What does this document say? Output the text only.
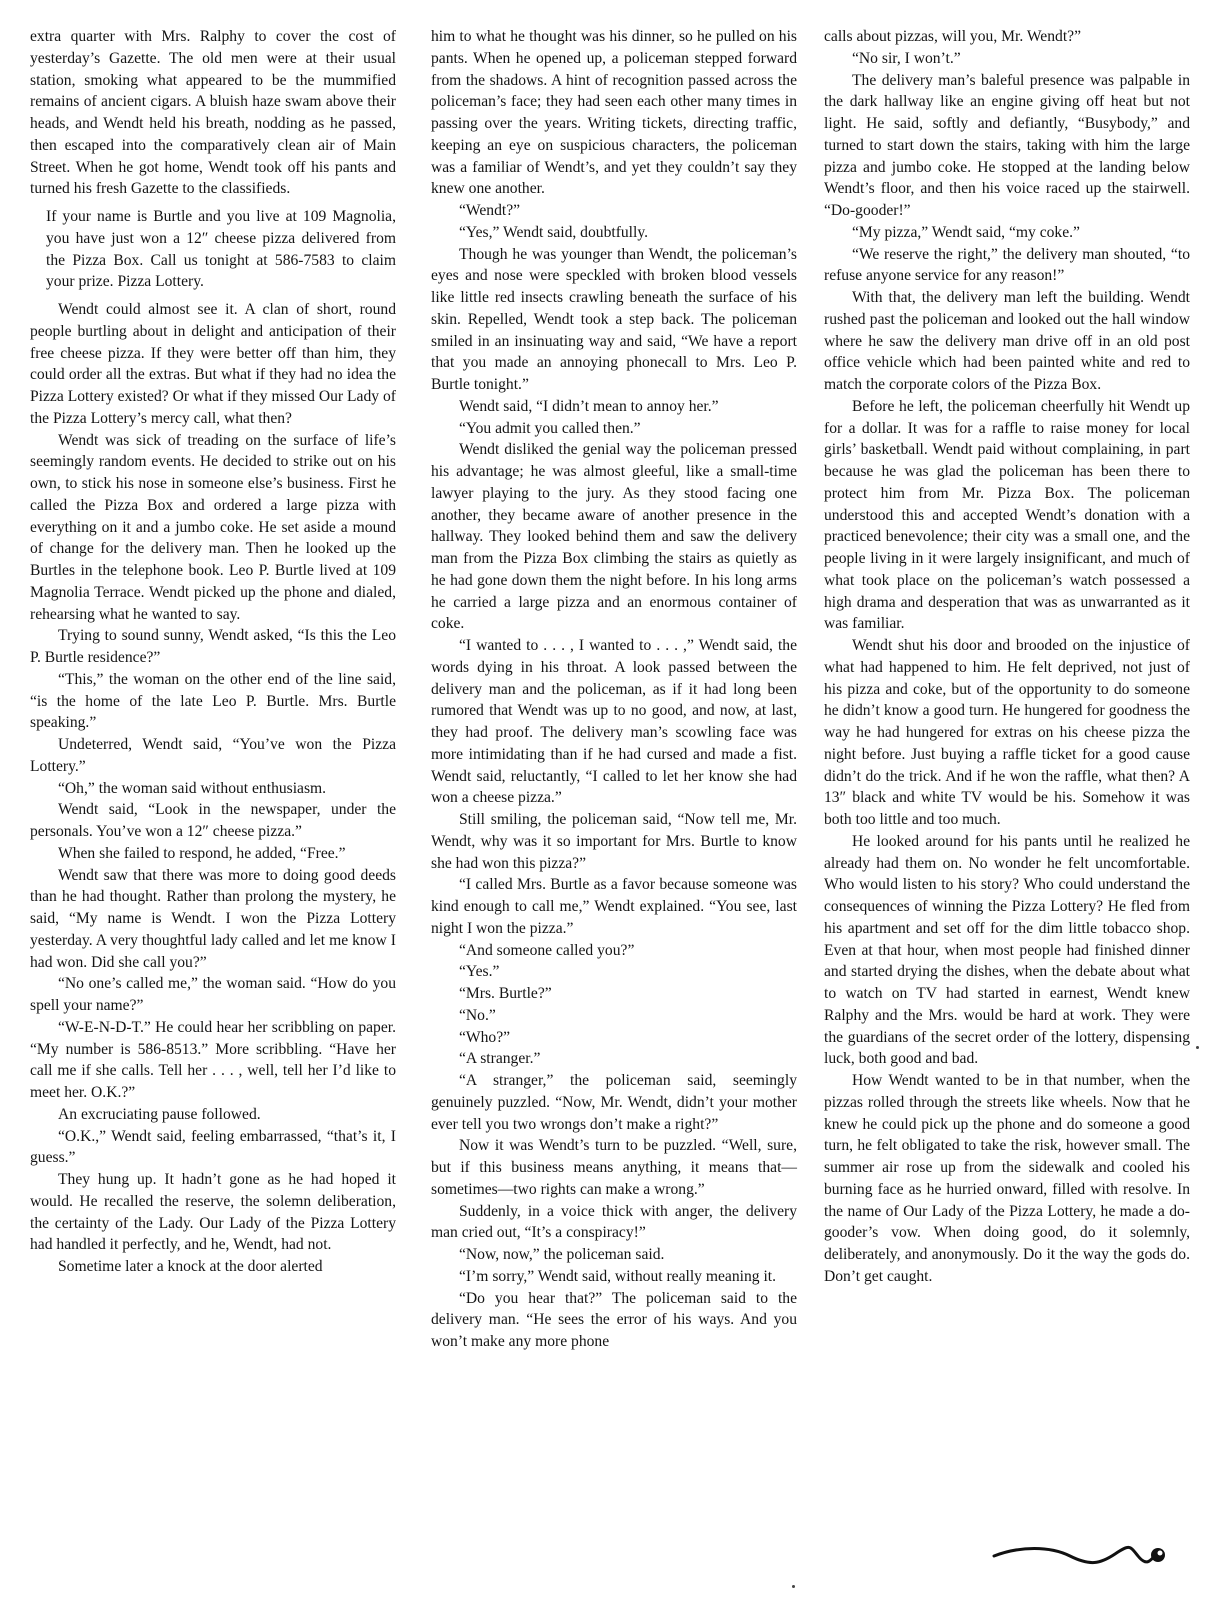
extra quarter with Mrs. Ralphy to cover the cost of yesterday’s Gazette. The old men were at their usual station, smoking what appeared to be the mummified remains of ancient cigars. A bluish haze swam above their heads, and Wendt held his breath, nodding as he passed, then escaped into the comparatively clean air of Main Street. When he got home, Wendt took off his pants and turned his fresh Gazette to the classifieds.

If your name is Burtle and you live at 109 Magnolia, you have just won a 12″ cheese pizza delivered from the Pizza Box. Call us tonight at 586-7583 to claim your prize. Pizza Lottery.

Wendt could almost see it. A clan of short, round people burtling about in delight and anticipation of their free cheese pizza. If they were better off than him, they could order all the extras. But what if they had no idea the Pizza Lottery existed? Or what if they missed Our Lady of the Pizza Lottery’s mercy call, what then?

Wendt was sick of treading on the surface of life’s seemingly random events. He decided to strike out on his own, to stick his nose in someone else’s business. First he called the Pizza Box and ordered a large pizza with everything on it and a jumbo coke. He set aside a mound of change for the delivery man. Then he looked up the Burtles in the telephone book. Leo P. Burtle lived at 109 Magnolia Terrace. Wendt picked up the phone and dialed, rehearsing what he wanted to say.

Trying to sound sunny, Wendt asked, “Is this the Leo P. Burtle residence?”

“This,” the woman on the other end of the line said, “is the home of the late Leo P. Burtle. Mrs. Burtle speaking.”

Undeterred, Wendt said, “You’ve won the Pizza Lottery.”

“Oh,” the woman said without enthusiasm.

Wendt said, “Look in the newspaper, under the personals. You’ve won a 12″ cheese pizza.”

When she failed to respond, he added, “Free.”

Wendt saw that there was more to doing good deeds than he had thought. Rather than prolong the mystery, he said, “My name is Wendt. I won the Pizza Lottery yesterday. A very thoughtful lady called and let me know I had won. Did she call you?”

“No one’s called me,” the woman said. “How do you spell your name?”

“W-E-N-D-T.” He could hear her scribbling on paper. “My number is 586-8513.” More scribbling. “Have her call me if she calls. Tell her . . . , well, tell her I’d like to meet her. O.K.?”

An excruciating pause followed.

“O.K.,” Wendt said, feeling embarrassed, “that’s it, I guess.”

They hung up. It hadn’t gone as he had hoped it would. He recalled the reserve, the solemn deliberation, the certainty of the Lady. Our Lady of the Pizza Lottery had handled it perfectly, and he, Wendt, had not.

Sometime later a knock at the door alerted

him to what he thought was his dinner, so he pulled on his pants. When he opened up, a policeman stepped forward from the shadows. A hint of recognition passed across the policeman’s face; they had seen each other many times in passing over the years. Writing tickets, directing traffic, keeping an eye on suspicious characters, the policeman was a familiar of Wendt’s, and yet they couldn’t say they knew one another.

“Wendt?”

“Yes,” Wendt said, doubtfully.

Though he was younger than Wendt, the policeman’s eyes and nose were speckled with broken blood vessels like little red insects crawling beneath the surface of his skin. Repelled, Wendt took a step back. The policeman smiled in an insinuating way and said, “We have a report that you made an annoying phonecall to Mrs. Leo P. Burtle tonight.”

Wendt said, “I didn’t mean to annoy her.”

“You admit you called then.”

Wendt disliked the genial way the policeman pressed his advantage; he was almost gleeful, like a small-time lawyer playing to the jury. As they stood facing one another, they became aware of another presence in the hallway. They looked behind them and saw the delivery man from the Pizza Box climbing the stairs as quietly as he had gone down them the night before. In his long arms he carried a large pizza and an enormous container of coke.

“I wanted to . . . , I wanted to . . . ,” Wendt said, the words dying in his throat. A look passed between the delivery man and the policeman, as if it had long been rumored that Wendt was up to no good, and now, at last, they had proof. The delivery man’s scowling face was more intimidating than if he had cursed and made a fist. Wendt said, reluctantly, “I called to let her know she had won a cheese pizza.”

Still smiling, the policeman said, “Now tell me, Mr. Wendt, why was it so important for Mrs. Burtle to know she had won this pizza?”

“I called Mrs. Burtle as a favor because someone was kind enough to call me,” Wendt explained. “You see, last night I won the pizza.”

“And someone called you?”

“Yes.”

“Mrs. Burtle?”

“No.”

“Who?”

“A stranger.”

“A stranger,” the policeman said, seemingly genuinely puzzled. “Now, Mr. Wendt, didn’t your mother ever tell you two wrongs don’t make a right?”

Now it was Wendt’s turn to be puzzled. “Well, sure, but if this business means anything, it means that—sometimes—two rights can make a wrong.”

Suddenly, in a voice thick with anger, the delivery man cried out, “It’s a conspiracy!”

“Now, now,” the policeman said.

“I’m sorry,” Wendt said, without really meaning it.

“Do you hear that?” The policeman said to the delivery man. “He sees the error of his ways. And you won’t make any more phone

calls about pizzas, will you, Mr. Wendt?”

“No sir, I won’t.”

The delivery man’s baleful presence was palpable in the dark hallway like an engine giving off heat but not light. He said, softly and defiantly, “Busybody,” and turned to start down the stairs, taking with him the large pizza and jumbo coke. He stopped at the landing below Wendt’s floor, and then his voice raced up the stairwell. “Do-gooder!”

“My pizza,” Wendt said, “my coke.”

“We reserve the right,” the delivery man shouted, “to refuse anyone service for any reason!”

With that, the delivery man left the building. Wendt rushed past the policeman and looked out the hall window where he saw the delivery man drive off in an old post office vehicle which had been painted white and red to match the corporate colors of the Pizza Box.

Before he left, the policeman cheerfully hit Wendt up for a dollar. It was for a raffle to raise money for local girls’ basketball. Wendt paid without complaining, in part because he was glad the policeman has been there to protect him from Mr. Pizza Box. The policeman understood this and accepted Wendt’s donation with a practiced benevolence; their city was a small one, and the people living in it were largely insignificant, and much of what took place on the policeman’s watch possessed a high drama and desperation that was as unwarranted as it was familiar.

Wendt shut his door and brooded on the injustice of what had happened to him. He felt deprived, not just of his pizza and coke, but of the opportunity to do someone he didn’t know a good turn. He hungered for goodness the way he had hungered for extras on his cheese pizza the night before. Just buying a raffle ticket for a good cause didn’t do the trick. And if he won the raffle, what then? A 13″ black and white TV would be his. Somehow it was both too little and too much.

He looked around for his pants until he realized he already had them on. No wonder he felt uncomfortable. Who would listen to his story? Who could understand the consequences of winning the Pizza Lottery? He fled from his apartment and set off for the dim little tobacco shop. Even at that hour, when most people had finished dinner and started drying the dishes, when the debate about what to watch on TV had started in earnest, Wendt knew Ralphy and the Mrs. would be hard at work. They were the guardians of the secret order of the lottery, dispensing luck, both good and bad.

How Wendt wanted to be in that number, when the pizzas rolled through the streets like wheels. Now that he knew he could pick up the phone and do someone a good turn, he felt obligated to take the risk, however small. The summer air rose up from the sidewalk and cooled his burning face as he hurried onward, filled with resolve. In the name of Our Lady of the Pizza Lottery, he made a do-gooder’s vow. When doing good, do it solemnly, deliberately, and anonymously. Do it the way the gods do. Don’t get caught.
